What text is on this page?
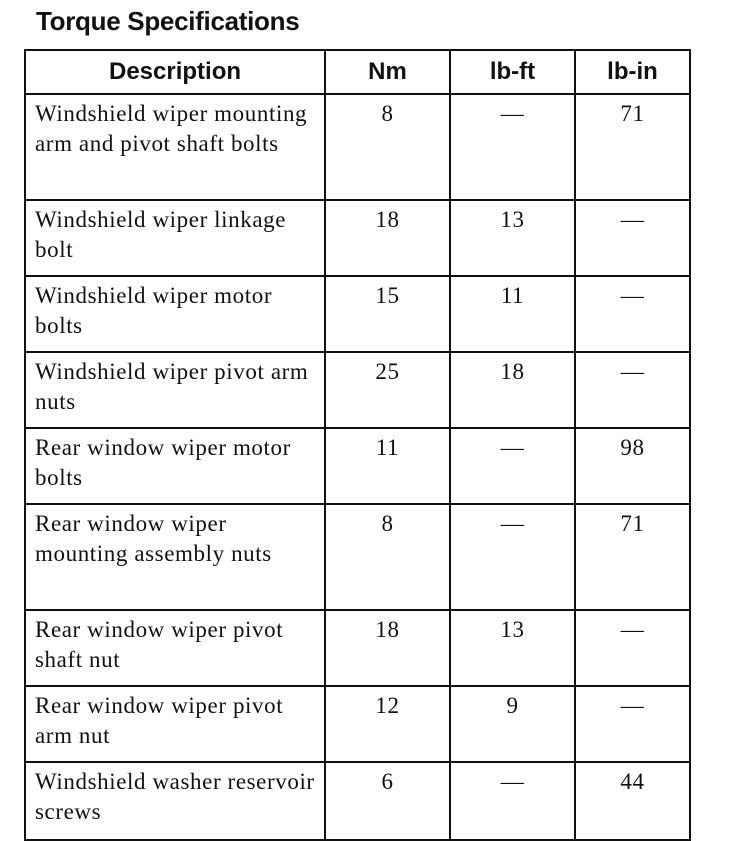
Torque Specifications
Description	Nm	lb-ft	lb-in
Windshield wiper mounting arm and pivot shaft bolts	8	—	71
Windshield wiper linkage bolt	18	13	—
Windshield wiper motor bolts	15	11	—
Windshield wiper pivot arm nuts	25	18	—
Rear window wiper motor bolts	11	—	98
Rear window wiper mounting assembly nuts	8	—	71
Rear window wiper pivot shaft nut	18	13	—
Rear window wiper pivot arm nut	12	9	—
Windshield washer reservoir screws	6	—	44
